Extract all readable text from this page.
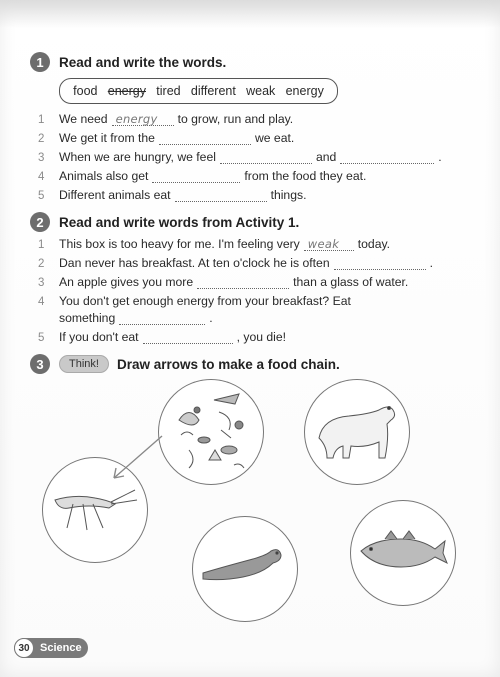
1	Read and write the words.
food energy tired different weak energy
1	We need energy to grow, run and play.
2	We get it from the	we eat.
3	When we are hungry, we feel	and	.
4	Animals also get	from the food they eat.
5	Different animals eat	things.
2	Read and write words from Activity 1.
1	This box is too heavy for me. I'm feeling very weak today.
2	Dan never has breakfast. At ten o'clock he is often	.
3	An apple gives you more	than a glass of water.
4	You don't get enough energy from your breakfast? Eat
something	.
5	If you don't eat	, you die!
3	Think!	Draw arrows to make a food chain.
30 Science
